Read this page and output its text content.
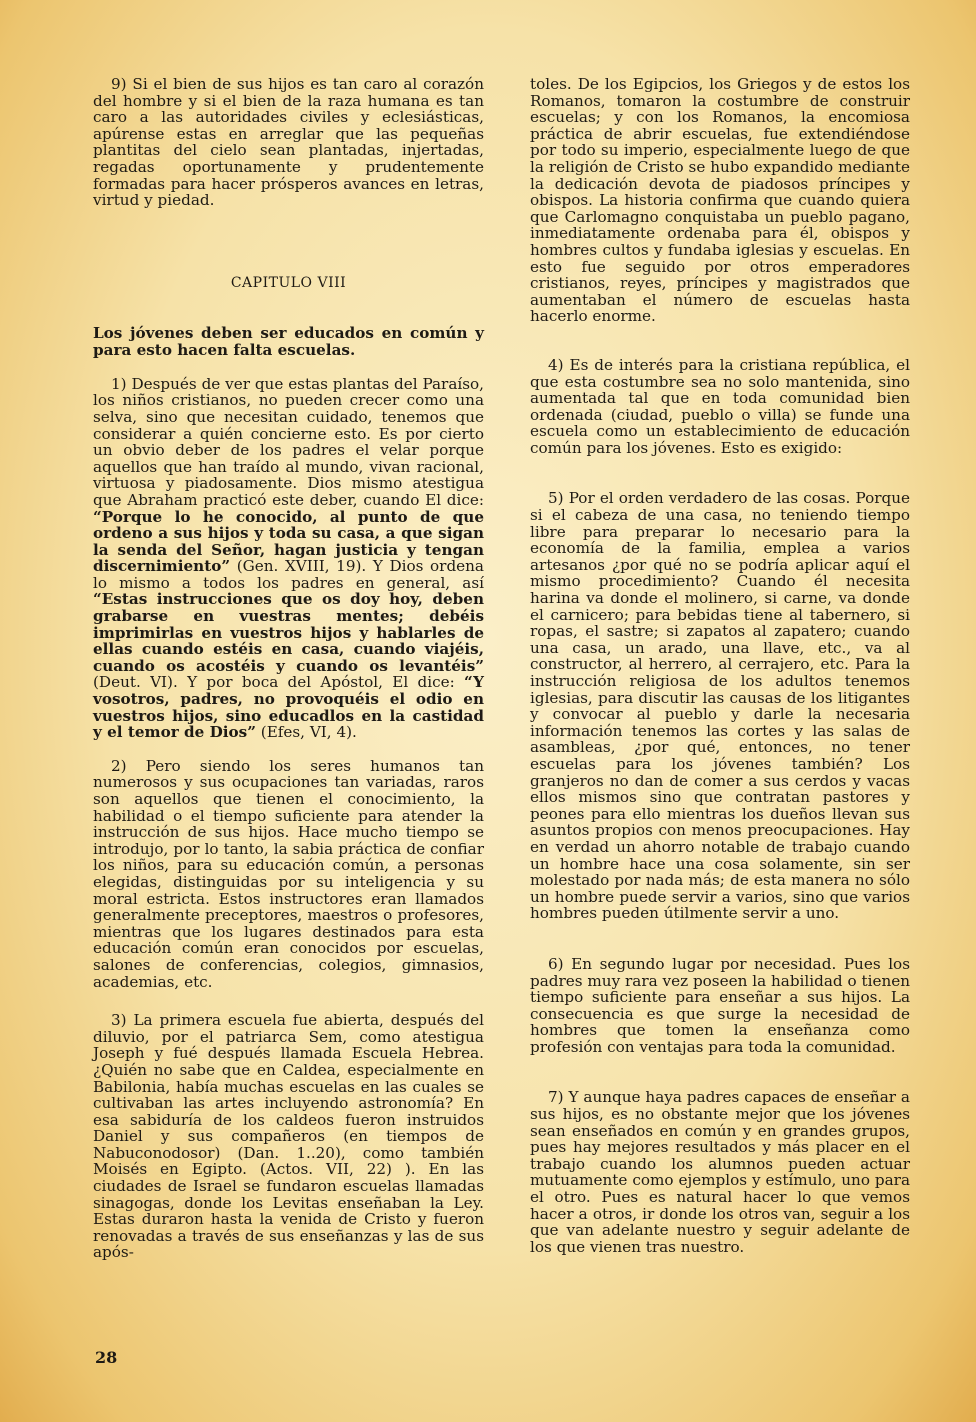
9) Si el bien de sus hijos es tan caro al corazón del hombre y si el bien de la raza humana es tan caro a las autoridades civiles y eclesiásticas, apúrense estas en arreglar que las pequeñas plantitas del cielo sean plantadas, injertadas, regadas oportunamente y prudentemente formadas para hacer prósperos avances en letras, virtud y piedad.

CAPITULO VIII
Los jóvenes deben ser educados en común y para esto hacen falta escuelas.

1) Después de ver que estas plantas del Paraíso, los niños cristianos, no pueden crecer como una selva, sino que necesitan cuidado, tenemos que considerar a quién concierne esto. Es por cierto un obvio deber de los padres el velar porque aquellos que han traído al mundo, vivan racional, virtuosa y piadosamente. Dios mismo atestigua que Abraham practicó este deber, cuando El dice: “Porque lo he conocido, al punto de que ordeno a sus hijos y toda su casa, a que sigan la senda del Señor, hagan justicia y tengan discernimiento” (Gen. XVIII, 19). Y Dios ordena lo mismo a todos los padres en general, así “Estas instrucciones que os doy hoy, deben grabarse en vuestras mentes; debéis imprimirlas en vuestros hijos y hablarles de ellas cuando estéis en casa, cuando viajéis, cuando os acostéis y cuando os levantéis” (Deut. VI). Y por boca del Apóstol, El dice: “Y vosotros, padres, no provoquéis el odio en vuestros hijos, sino educadlos en la castidad y el temor de Dios” (Efes, VI, 4).

2) Pero siendo los seres humanos tan numerosos y sus ocupaciones tan variadas, raros son aquellos que tienen el conocimiento, la habilidad o el tiempo suficiente para atender la instrucción de sus hijos. Hace mucho tiempo se introdujo, por lo tanto, la sabia práctica de confiar los niños, para su educación común, a personas elegidas, distinguidas por su inteligencia y su moral estricta. Estos instructores eran llamados generalmente preceptores, maestros o profesores, mientras que los lugares destinados para esta educación común eran conocidos por escuelas, salones de conferencias, colegios, gimnasios, academias, etc.

3) La primera escuela fue abierta, después del diluvio, por el patriarca Sem, como atestigua Joseph y fué después llamada Escuela Hebrea. ¿Quién no sabe que en Caldea, especialmente en Babilonia, había muchas escuelas en las cuales se cultivaban las artes incluyendo astronomía? En esa sabiduría de los caldeos fueron instruidos Daniel y sus compañeros (en tiempos de Nabuconodosor) (Dan. 1..20), como también Moisés en Egipto. (Actos. VII, 22) ). En las ciudades de Israel se fundaron escuelas llamadas sinagogas, donde los Levitas enseñaban la Ley. Estas duraron hasta la venida de Cristo y fueron renovadas a través de sus enseñanzas y las de sus após-

toles. De los Egipcios, los Griegos y de estos los Romanos, tomaron la costumbre de construir escuelas; y con los Romanos, la encomiosa práctica de abrir escuelas, fue extendiéndose por todo su imperio, especialmente luego de que la religión de Cristo se hubo expandido mediante la dedicación devota de piadosos príncipes y obispos. La historia confirma que cuando quiera que Carlomagno conquistaba un pueblo pagano, inmediatamente ordenaba para él, obispos y hombres cultos y fundaba iglesias y escuelas. En esto fue seguido por otros emperadores cristianos, reyes, príncipes y magistrados que aumentaban el número de escuelas hasta hacerlo enorme.

4) Es de interés para la cristiana república, el que esta costumbre sea no solo mantenida, sino aumentada tal que en toda comunidad bien ordenada (ciudad, pueblo o villa) se funde una escuela como un establecimiento de educación común para los jóvenes. Esto es exigido:

5) Por el orden verdadero de las cosas. Porque si el cabeza de una casa, no teniendo tiempo libre para preparar lo necesario para la economía de la familia, emplea a varios artesanos ¿por qué no se podría aplicar aquí el mismo procedimiento? Cuando él necesita harina va donde el molinero, si carne, va donde el carnicero; para bebidas tiene al tabernero, si ropas, el sastre; si zapatos al zapatero; cuando una casa, un arado, una llave, etc., va al constructor, al herrero, al cerrajero, etc. Para la instrucción religiosa de los adultos tenemos iglesias, para discutir las causas de los litigantes y convocar al pueblo y darle la necesaria información tenemos las cortes y las salas de asambleas, ¿por qué, entonces, no tener escuelas para los jóvenes también? Los granjeros no dan de comer a sus cerdos y vacas ellos mismos sino que contratan pastores y peones para ello mientras los dueños llevan sus asuntos propios con menos preocupaciones. Hay en verdad un ahorro notable de trabajo cuando un hombre hace una cosa solamente, sin ser molestado por nada más; de esta manera no sólo un hombre puede servir a varios, sino que varios hombres pueden útilmente servir a uno.

6) En segundo lugar por necesidad. Pues los padres muy rara vez poseen la habilidad o tienen tiempo suficiente para enseñar a sus hijos. La consecuencia es que surge la necesidad de hombres que tomen la enseñanza como profesión con ventajas para toda la comunidad.

7) Y aunque haya padres capaces de enseñar a sus hijos, es no obstante mejor que los jóvenes sean enseñados en común y en grandes grupos, pues hay mejores resultados y más placer en el trabajo cuando los alumnos pueden actuar mutuamente como ejemplos y estímulo, uno para el otro. Pues es natural hacer lo que vemos hacer a otros, ir donde los otros van, seguir a los que van adelante nuestro y seguir adelante de los que vienen tras nuestro.

28
